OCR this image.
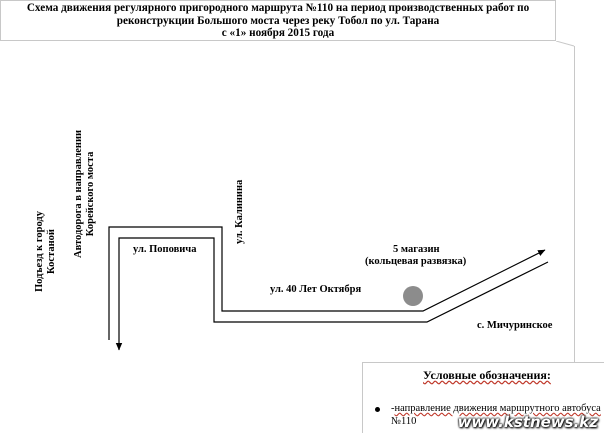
Схема движения регулярного пригородного маршрута №110 на период производственных работ по
реконструкции Большого моста через реку Тобол по ул. Тарана
с «1» ноября 2015 года
Подъезд к городу Костаной Автодорога в направлении Корейского моста	ул. Калинина
ул. Поповича
ул. 40 Лет Октября
5 магазин
(кольцевая развязка)
с. Мичуринское
Условные обозначения:
-направление движения маршрутного автобуса
№110	www.kstnews.kz
